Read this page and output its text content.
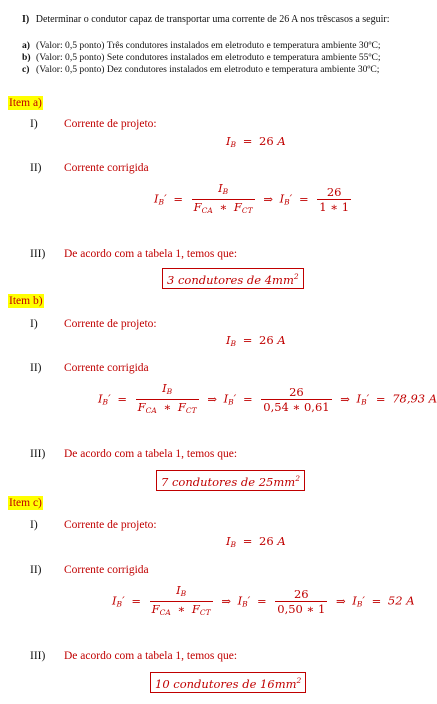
I) Determinar o condutor capaz de transportar uma corrente de 26 A nos trêscasos a seguir:
a) (Valor: 0,5 ponto) Três condutores instalados em eletroduto e temperatura ambiente 30ºC;
b) (Valor: 0,5 ponto) Sete condutores instalados em eletroduto e temperatura ambiente 55ºC;
c) (Valor: 0,5 ponto) Dez condutores instalados em eletroduto e temperatura ambiente 30ºC;
Item a)
I) Corrente de projeto:
IB = 26 A
II) Corrente corrigida
$IB' = \frac{IB}{\text{FCA ∗ FCT}}$ ⇒ $IB' = \frac{26}{1 ∗ 1}$
III) De acordo com a tabela 1, temos que:
3 condutores de $4mm^2$
Item b)
I) Corrente de projeto:
IB = 26 A
II) Corrente corrigida
$IB' = \frac{IB}{\text{FCA ∗ FCT}}$ ⇒ $IB' = \frac{26}{0,54 ∗ 0,61}$ ⇒ IB′ = 78,93 A
III) De acordo com a tabela 1, temos que:
7 condutores de $25mm^2$
Item c)
I) Corrente de projeto:
IB = 26 A
II) Corrente corrigida
$IB' = \frac{IB}{\text{FCA ∗ FCT}}$ ⇒ $IB' = \frac{26}{0,50 ∗ 1}$ ⇒ IB′ = 52 A
III) De acordo com a tabela 1, temos que:
10 condutores de $16mm^2$
